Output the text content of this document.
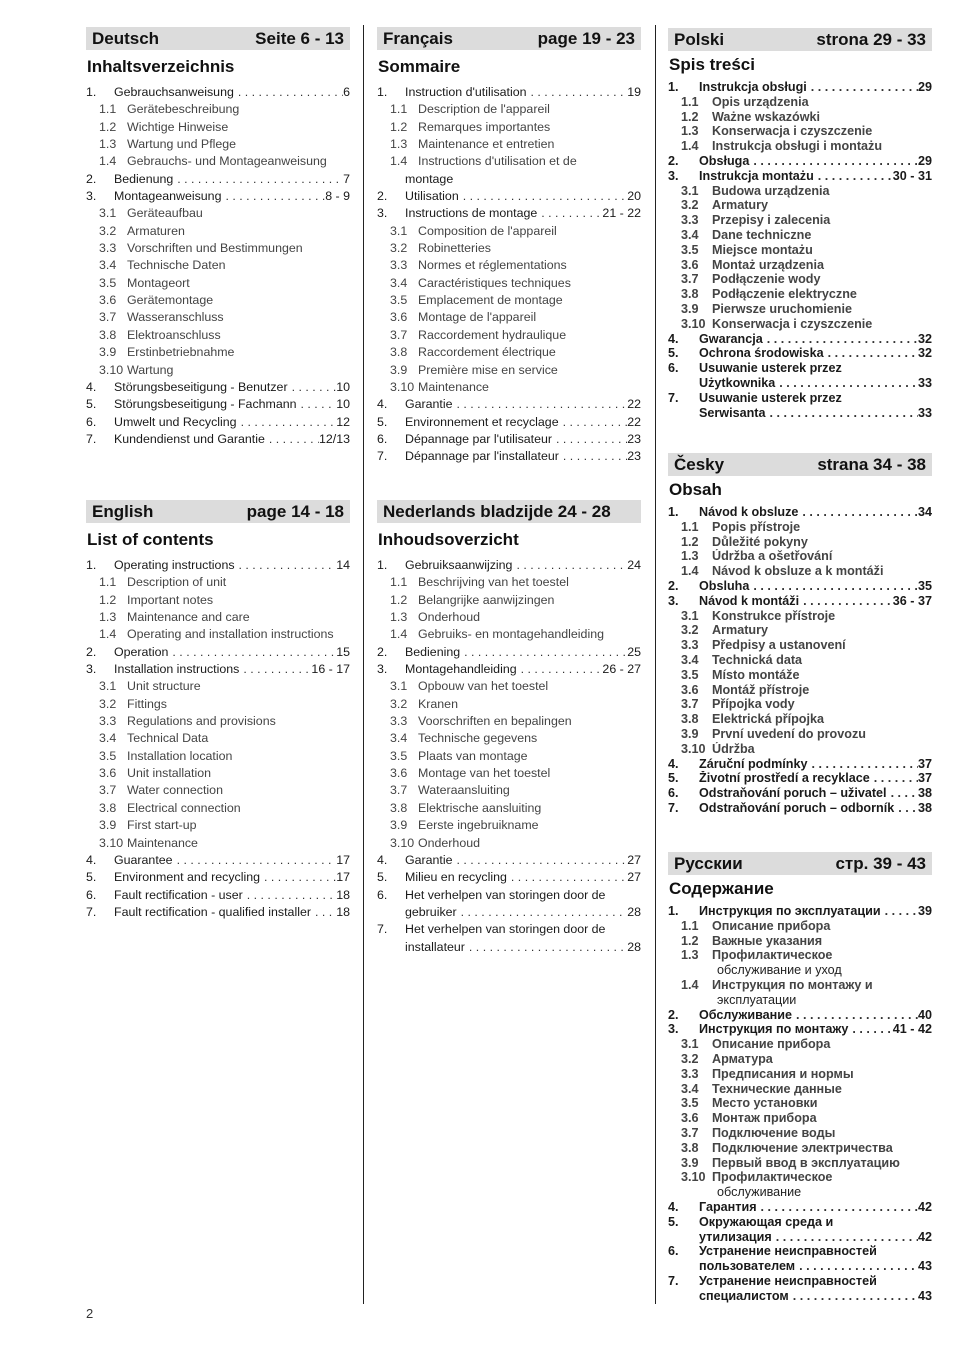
Deutsch	Seite 6 - 13
Inhaltsverzeichnis
1.	Gebrauchsanweisung . . .	6
1.1 Gerätebeschreibung
1.2 Wichtige Hinweise
1.3 Wartung und Pflege
1.4 Gebrauchs- und Montageanweisung
2.	Bedienung . . .	7
3.	Montageanweisung . . .	8 - 9
3.1 Geräteaufbau
3.2 Armaturen
3.3 Vorschriften und Bestimmungen
3.4 Technische Daten
3.5 Montageort
3.6 Gerätemontage
3.7 Wasseranschluss
3.8 Elektroanschluss
3.9 Erstinbetriebnahme
3.10 Wartung
4.	Störungsbeseitigung - Benutzer . . .	10
5.	Störungsbeseitigung - Fachmann . . .	10
6.	Umwelt und Recycling . . .	12
7.	Kundendienst und Garantie . . .	12/13
English	page 14 - 18
List of contents
1.	Operating instructions . . .	14
1.1 Description of unit
1.2 Important notes
1.3 Maintenance and care
1.4 Operating and installation instructions
2.	Operation . . .	15
3.	Installation instructions . . .	16 - 17
3.1 Unit structure
3.2 Fittings
3.3 Regulations and provisions
3.4 Technical Data
3.5 Installation location
3.6 Unit installation
3.7 Water connection
3.8 Electrical connection
3.9 First start-up
3.10 Maintenance
4.	Guarantee . . .	17
5.	Environment and recycling . . .	17
6.	Fault rectification - user . . .	18
7.	Fault rectification - qualified installer . . . 18
Français	page 19 - 23
Sommaire
1.	Instruction d'utilisation . . .	19
1.1 Description de l'appareil
1.2 Remarques importantes
1.3 Maintenance et entretien
1.4 Instructions d'utilisation et de
montage
2.	Utilisation . . .	20
3.	Instructions de montage . . .	21 - 22
3.1 Composition de l'appareil
3.2 Robinetteries
3.3 Normes et réglementations
3.4 Caractéristiques techniques
3.5 Emplacement de montage
3.6 Montage de l'appareil
3.7 Raccordement hydraulique
3.8 Raccordement électrique
3.9 Première mise en service
3.10 Maintenance
4.	Garantie . . .	22
5.	Environnement et recyclage . . .	22
6.	Dépannage par l'utilisateur . . .	23
7.	Dépannage par l'installateur . . .	23
Nederlands bladzijde 24 - 28
Inhoudsoverzicht
1.	Gebruiksaanwijzing . . .	24
1.1 Beschrijving van het toestel
1.2 Belangrijke aanwijzingen
1.3 Onderhoud
1.4 Gebruiks- en montagehandleiding
2.	Bediening . . .	25
3.	Montagehandleiding . . .	26 - 27
3.1 Opbouw van het toestel
3.2 Kranen
3.3 Voorschriften en bepalingen
3.4 Technische gegevens
3.5 Plaats van montage
3.6 Montage van het toestel
3.7 Wateraansluiting
3.8 Elektrische aansluiting
3.9 Eerste ingebruikname
3.10 Onderhoud
4.	Garantie . . .	27
5.	Milieu en recycling . . .	27
6.	Het verhelpen van storingen door de
gebruiker . . .	28
7.	Het verhelpen van storingen door de
installateur . . .	28
Polski	strona 29 - 33
Spis treści
1.	Instrukcja obsługi . . .	29
1.1	Opis urządzenia
1.2	Ważne wskazówki
1.3	Konserwacja i czyszczenie
1.4	Instrukcja obsługi i montażu
2.	Obsługa . . .	29
3.	Instrukcja montażu . . .	30 - 31
3.1	Budowa urządzenia
3.2	Armatury
3.3	Przepisy i zalecenia
3.4	Dane techniczne
3.5	Miejsce montażu
3.6	Montaż urządzenia
3.7	Podłączenie wody
3.8	Podłączenie elektryczne
3.9	Pierwsze uruchomienie
3.10 Konserwacja i czyszczenie
4.	Gwarancja . . .	32
5.	Ochrona środowiska . . .	32
6.	Usuwanie usterek przez
Użytkownika . . .	33
7.	Usuwanie usterek przez
Serwisanta . . .	33
Česky	strana 34 - 38
Obsah
1.	Návod k obsluze . . .	34
1.1	Popis přístroje
1.2	Důležité pokyny
1.3	Údržba a ošetřování
1.4	Návod k obsluze a k montáži
2.	Obsluha . . .	35
3.	Návod k montáži . . .	36 - 37
3.1	Konstrukce přístroje
3.2	Armatury
3.3	Předpisy a ustanovení
3.4	Technická data
3.5	Místo montáže
3.6	Montáž přístroje
3.7	Přípojka vody
3.8	Elektrická přípojka
3.9	První uvedení do provozu
3.10 Údržba
4.	Záruční podmínky . . .	37
5.	Životní prostředí a recyklace . . .	37
6.	Odstraňování poruch – uživatel . . . 38
7.	Odstraňování poruch – odborník . . . 38
Русскии	стр. 39 - 43
Содержание
1.	Инструкция по эксплуатации . . .	39
1.1	Описание прибора
1.2	Важные указания
1.3	Профилактическое
обслуживание и уход
1.4	Инструкция по монтажу и
эксплуатации
2.	Обслуживание . . .	40
3.	Инструкция по монтажу . . .	41 - 42
3.1	Описание прибора
3.2	Арматура
3.3	Предписания и нормы
3.4	Технические данные
3.5	Место установки
3.6	Монтаж прибора
3.7	Подключение воды
3.8	Подключение электричества
3.9	Первый ввод в эксплуатацию
3.10 Профилактическое
обслуживание
4.	Гарантия . . .	42
5.	Окружающая среда и
утилизация . . .	42
6.	Устранение неисправностей
пользователем . . .	43
7.	Устранение неисправностей
специалистом . . .	43
2
